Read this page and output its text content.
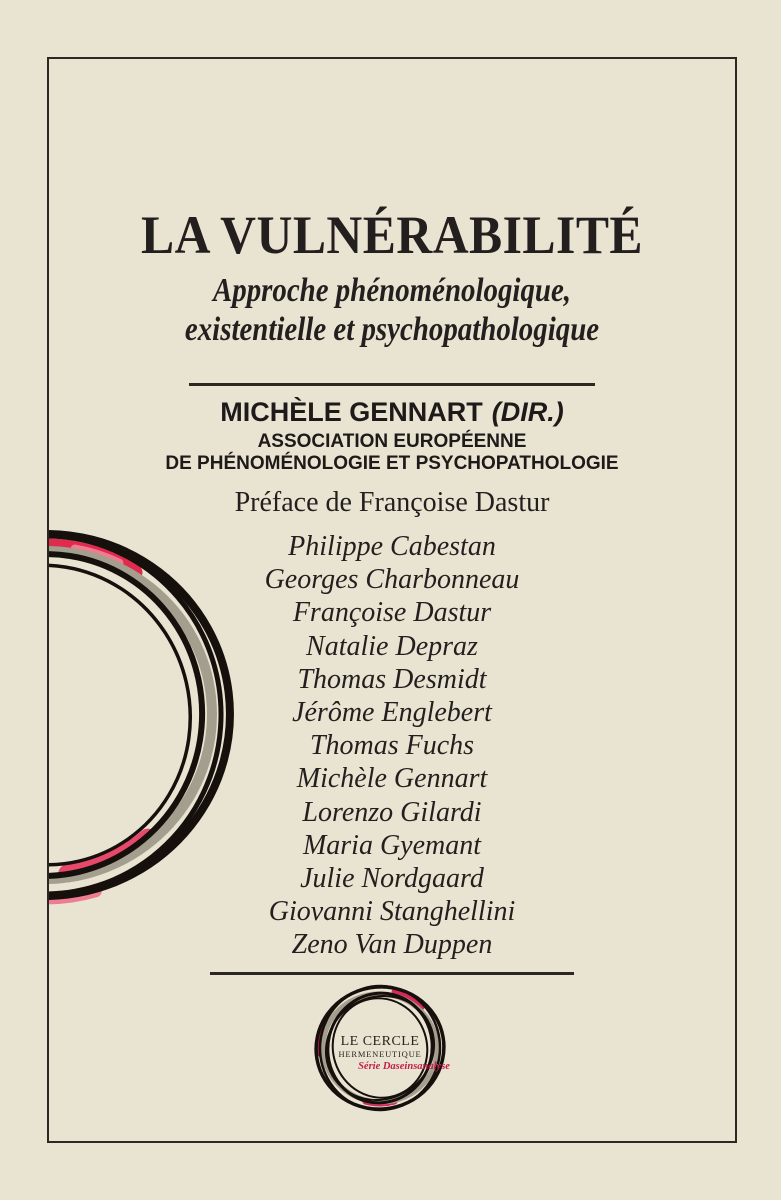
LA VULNÉRABILITÉ
Approche phénoménologique,
existentielle et psychopathologique
MICHÈLE GENNART (DIR.)
ASSOCIATION EUROPÉENNE
DE PHÉNOMÉNOLOGIE ET PSYCHOPATHOLOGIE
Préface de Françoise Dastur
Philippe Cabestan
Georges Charbonneau
Françoise Dastur
Natalie Depraz
Thomas Desmidt
Jérôme Englebert
Thomas Fuchs
Michèle Gennart
Lorenzo Gilardi
Maria Gyemant
Julie Nordgaard
Giovanni Stanghellini
Zeno Van Duppen
LE CERCLE
HERMENEUTIQUE
Série Daseinsanalyse
